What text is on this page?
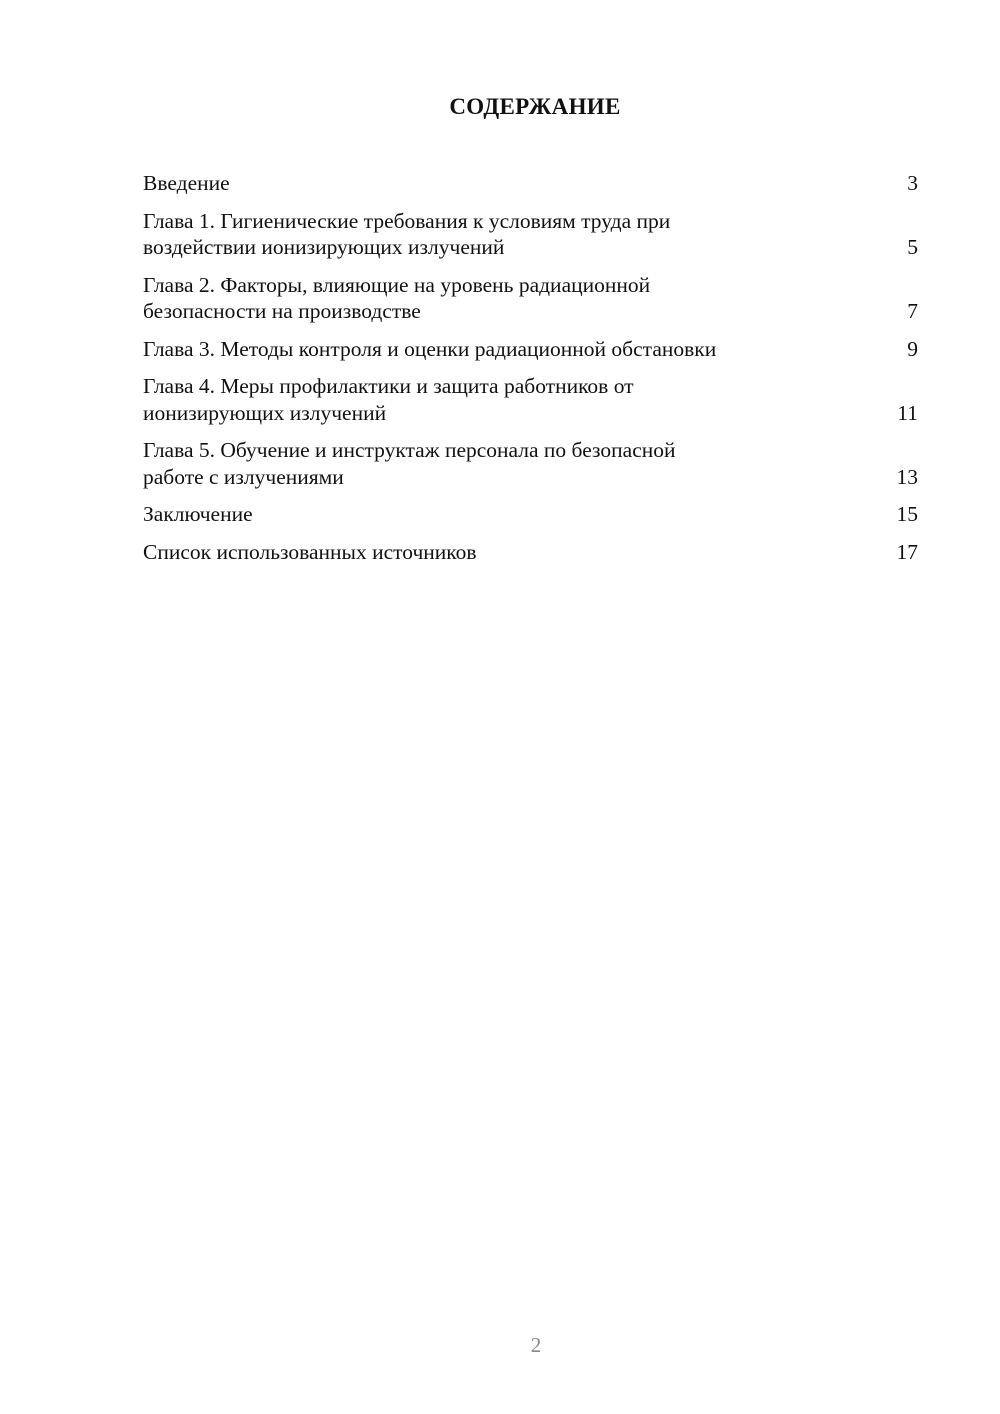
СОДЕРЖАНИЕ
Введение	3
Глава 1. Гигиенические требования к условиям труда при
воздействии ионизирующих излучений	5
Глава 2. Факторы, влияющие на уровень радиационной
безопасности на производстве	7
Глава 3. Методы контроля и оценки радиационной обстановки	9
Глава 4. Меры профилактики и защита работников от
ионизирующих излучений	11
Глава 5. Обучение и инструктаж персонала по безопасной
работе с излучениями	13
Заключение	15
Список использованных источников	17
2
